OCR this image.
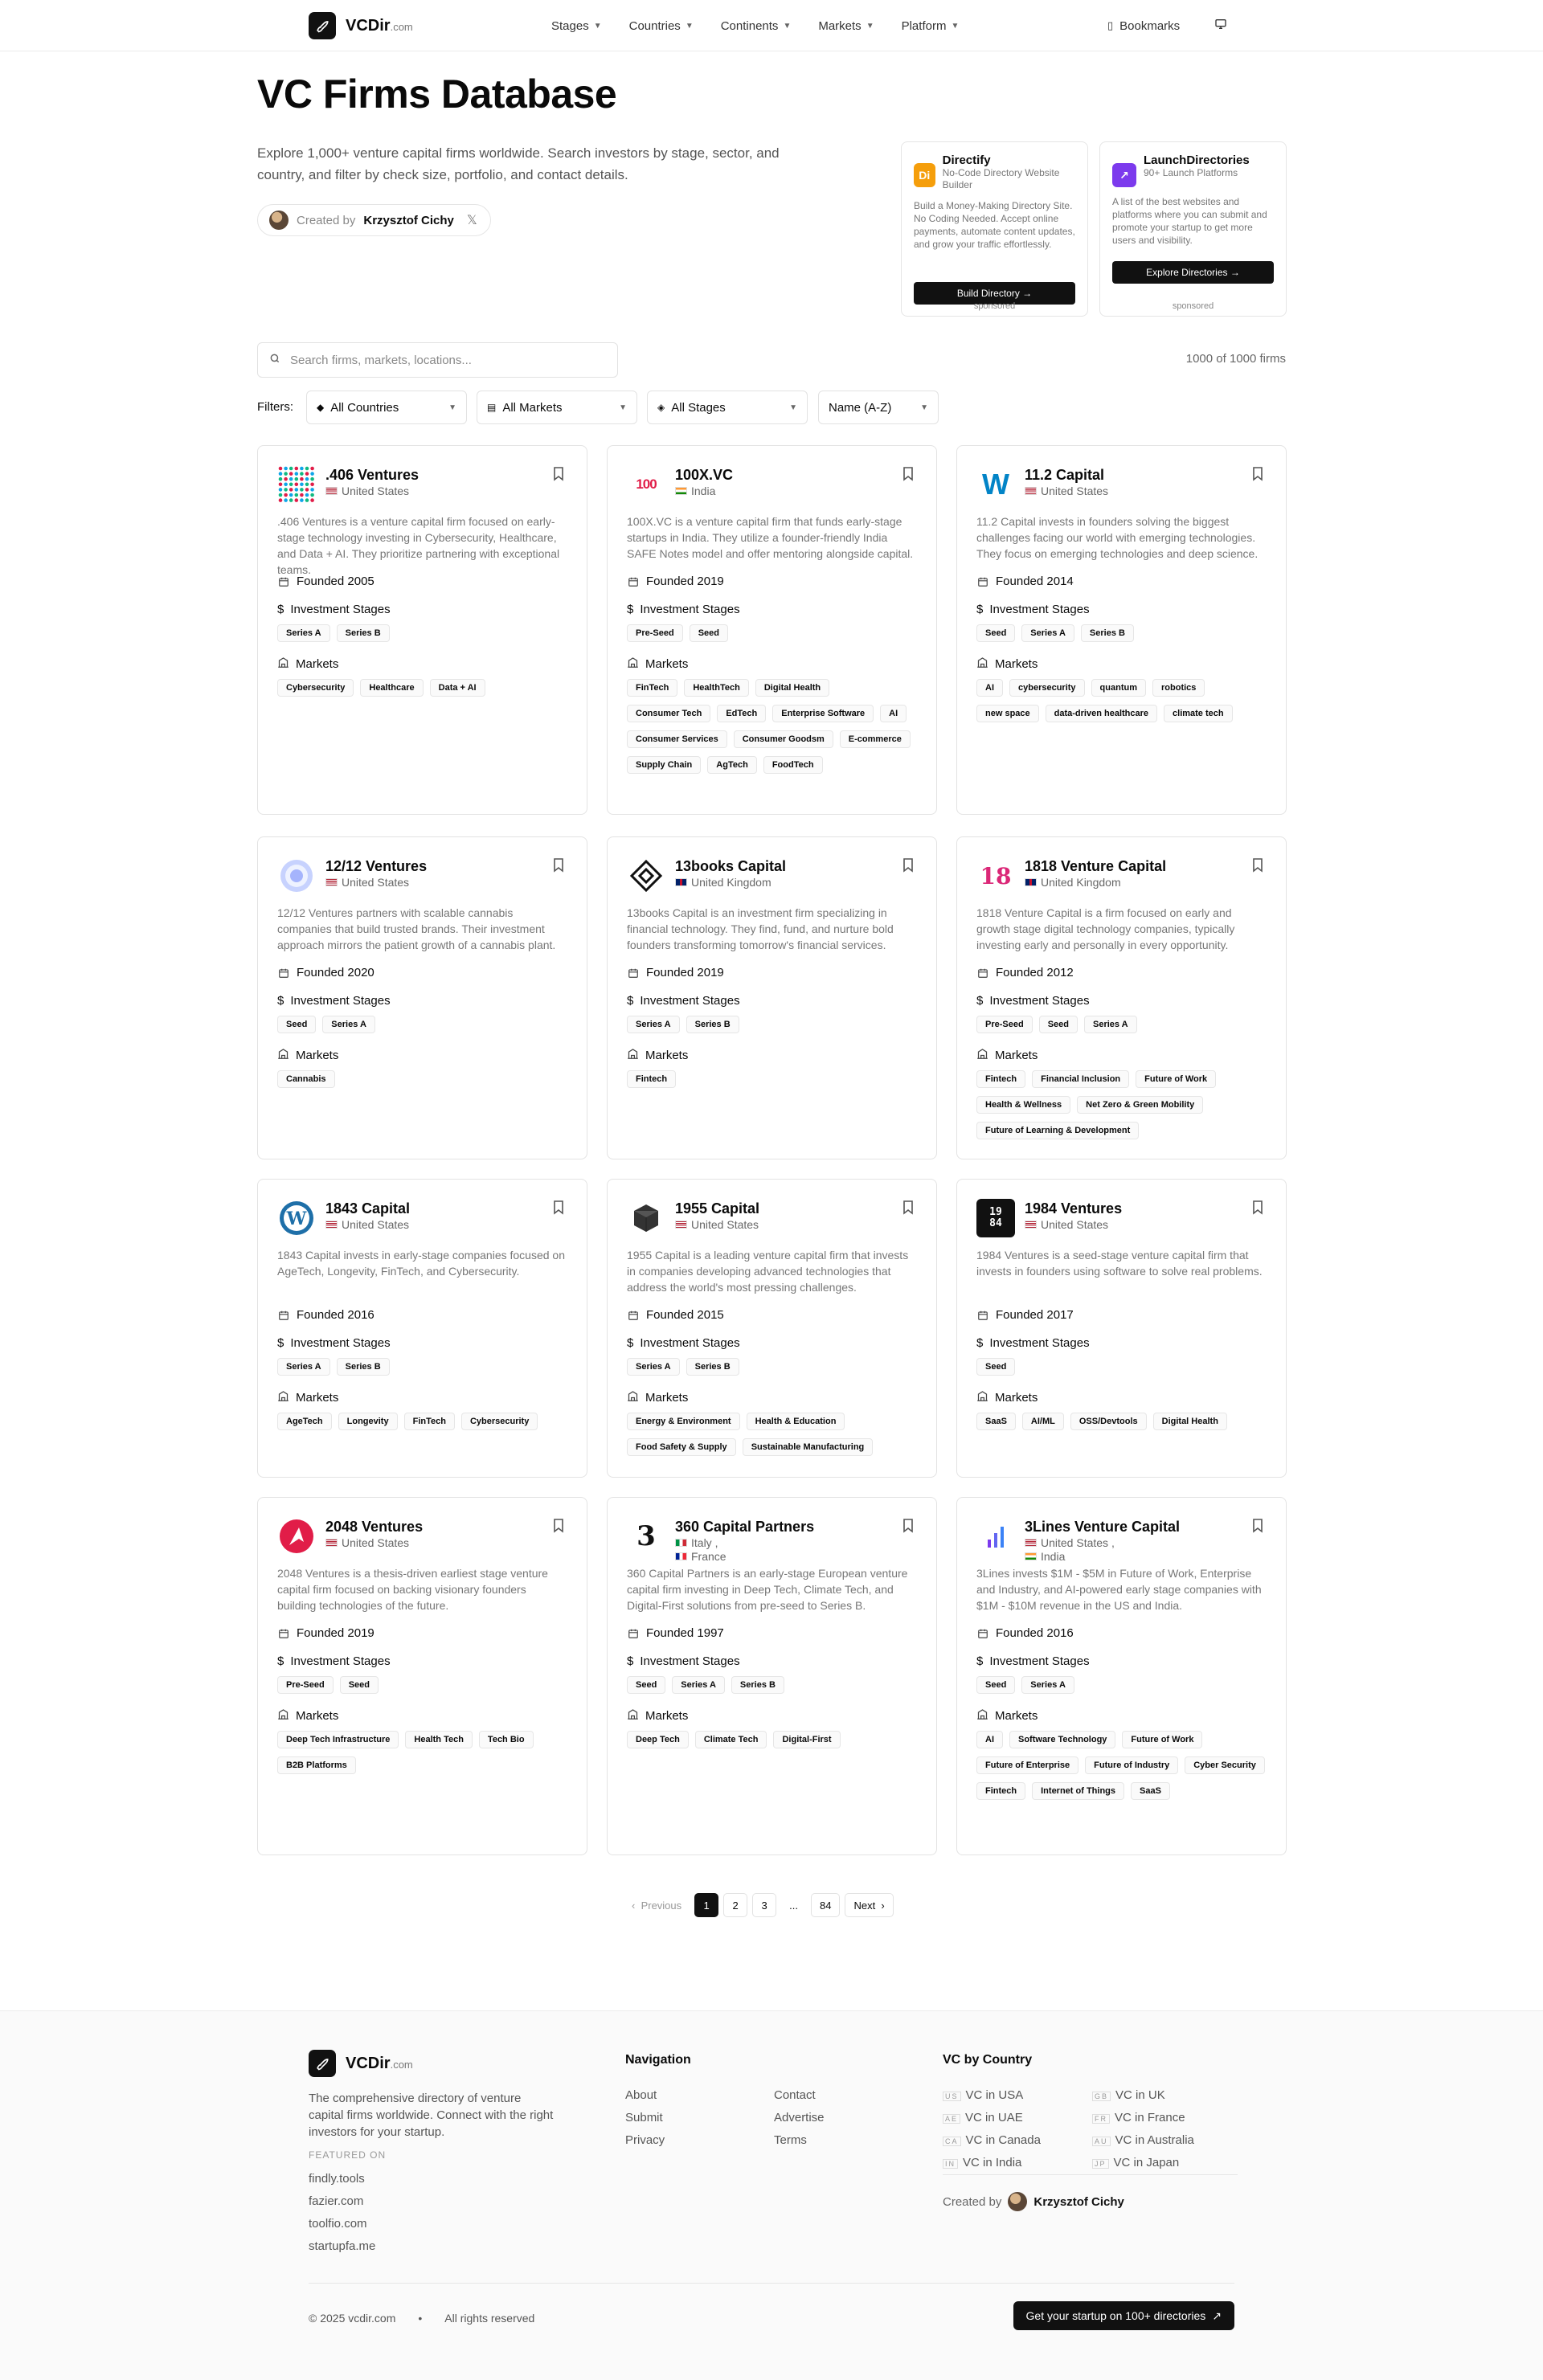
VCDir.com	Stages ▼ Countries ▼ Continents ▼ Markets ▼ Platform ▼	▯ Bookmarks
VC Firms Database

Explore 1,000+ venture capital firms worldwide. Search investors by stage, sector, and country, and filter by check size, portfolio, and contact details.

Created by Krzysztof Cichy 𝕏
Di
Directify
No-Code Directory Website Builder
Build a Money-Making Directory Site. No Coding Needed. Accept online payments, automate content updates, and grow your traffic effortlessly.
Build Directory →
sponsored
↗
LaunchDirectories
90+ Launch Platforms
A list of the best websites and platforms where you can submit and promote your startup to get more users and visibility.
Explore Directories →
sponsored
Search firms, markets, locations...	1000 of 1000 firms
Filters: ◆ All Countries	▼	▤ All Markets	▼	◈ All Stages	▼	Name (A-Z)	▼
.406 Ventures
United States
.406 Ventures is a venture capital firm focused on early-stage technology investing in Cybersecurity, Healthcare, and Data + AI. They prioritize partnering with exceptional teams.
Founded 2005
$ Investment Stages
Series A	Series B
Markets
Cybersecurity	Healthcare	Data + AI
100
100X.VC
India
100X.VC is a venture capital firm that funds early-stage startups in India. They utilize a founder-friendly India SAFE Notes model and offer mentoring alongside capital.
Founded 2019
$ Investment Stages
Pre-Seed	Seed
Markets
FinTech	HealthTech	Digital Health
Consumer Tech	EdTech	Enterprise Software	AI
Consumer Services	Consumer Goodsm	E-commerce
Supply Chain	AgTech	FoodTech
W 11.2 Capital
United States
11.2 Capital invests in founders solving the biggest challenges facing our world with emerging technologies. They focus on emerging technologies and deep science.
Founded 2014
$ Investment Stages
Seed	Series A	Series B
Markets
AI	cybersecurity	quantum	robotics
new space	data-driven healthcare	climate tech
12/12 Ventures
United States
12/12 Ventures partners with scalable cannabis companies that build trusted brands. Their investment approach mirrors the patient growth of a cannabis plant.
Founded 2020
$ Investment Stages
Seed	Series A
Markets
Cannabis
13books Capital
United Kingdom
13books Capital is an investment firm specializing in financial technology. They find, fund, and nurture bold founders transforming tomorrow's financial services.
Founded 2019
$ Investment Stages
Series A	Series B
Markets
Fintech
18 1818 Venture Capital
United Kingdom
1818 Venture Capital is a firm focused on early and growth stage digital technology companies, typically investing early and personally in every opportunity.
Founded 2012
$ Investment Stages
Pre-Seed	Seed	Series A
Markets
Fintech	Financial Inclusion	Future of Work
Health & Wellness	Net Zero & Green Mobility
Future of Learning & Development
W 1843 Capital
United States
1843 Capital invests in early-stage companies focused on AgeTech, Longevity, FinTech, and Cybersecurity.
Founded 2016
$ Investment Stages
Series A	Series B
Markets
AgeTech	Longevity	FinTech	Cybersecurity
1955 Capital
United States
1955 Capital is a leading venture capital firm that invests in companies developing advanced technologies that address the world's most pressing challenges.
Founded 2015
$ Investment Stages
Series A	Series B
Markets
Energy & Environment	Health & Education
Food Safety & Supply	Sustainable Manufacturing
19
84
1984 Ventures
United States
1984 Ventures is a seed-stage venture capital firm that invests in founders using software to solve real problems.
Founded 2017
$ Investment Stages
Seed
Markets
SaaS	AI/ML	OSS/Devtools	Digital Health
2048 Ventures
United States
2048 Ventures is a thesis-driven earliest stage venture capital firm focused on backing visionary founders building technologies of the future.
Founded 2019
$ Investment Stages
Pre-Seed	Seed
Markets
Deep Tech Infrastructure	Health Tech	Tech Bio
B2B Platforms
3 360 Capital Partners
Italy ,
France
360 Capital Partners is an early-stage European venture capital firm investing in Deep Tech, Climate Tech, and Digital-First solutions from pre-seed to Series B.
Founded 1997
$ Investment Stages
Seed	Series A	Series B
Markets
Deep Tech	Climate Tech	Digital-First
3Lines Venture Capital
United States ,
India
3Lines invests $1M - $5M in Future of Work, Enterprise and Industry, and AI-powered early stage companies with $1M - $10M revenue in the US and India.
Founded 2016
$ Investment Stages
Seed	Series A
Markets
AI	Software Technology	Future of Work
Future of Enterprise	Future of Industry	Cyber Security
Fintech	Internet of Things	SaaS
‹ Previous	1	2	3	...	84	Next ›
VCDir.com
The comprehensive directory of venture capital firms worldwide. Connect with the right investors for your startup.
FEATURED ON
findly.tools
fazier.com
toolfio.com
startupfa.me
Navigation
About
Submit
Privacy
Contact
Advertise
Terms
VC by Country
US VC in USA
AE VC in UAE
CA VC in Canada
IN VC in India
GB VC in UK
FR VC in France
AU VC in Australia
JP VC in Japan
Created by	Krzysztof Cichy
© 2025 vcdir.com • All rights reserved	Get your startup on 100+ directories ↗
